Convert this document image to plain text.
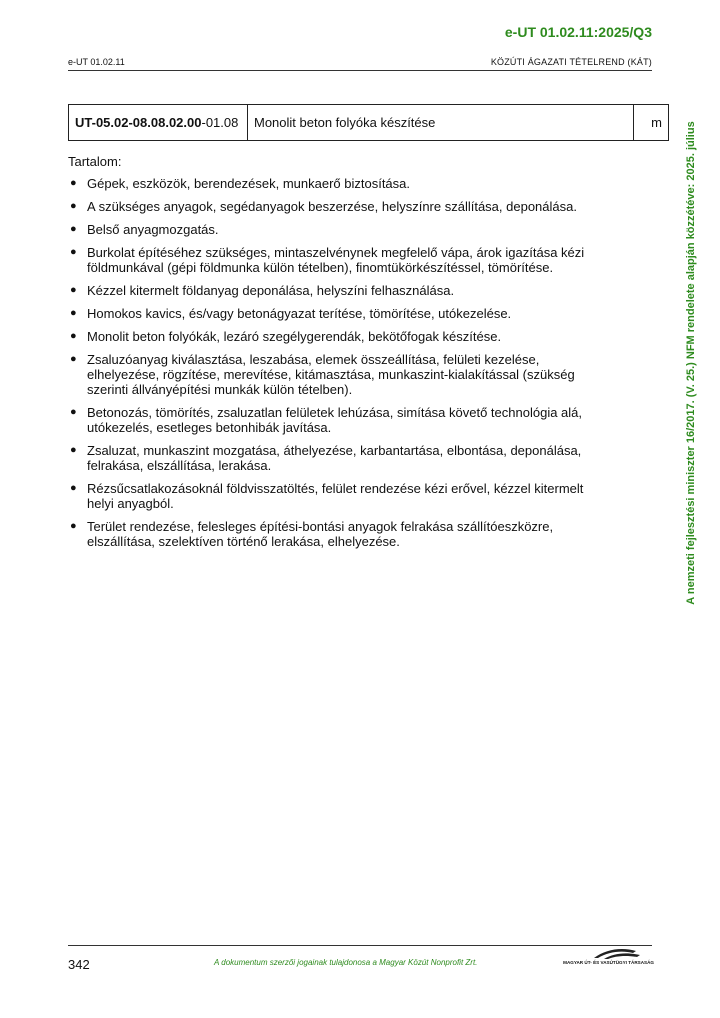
e-UT 01.02.11:2025/Q3
e-UT 01.02.11	KÖZÚTI ÁGAZATI TÉTELREND (KÁT)
UT-05.02-08.08.02.00-01.08	Monolit beton folyóka készítése	m
Tartalom:
● Gépek, eszközök, berendezések, munkaerő biztosítása.
● A szükséges anyagok, segédanyagok beszerzése, helyszínre szállítása, deponálása.
● Belső anyagmozgatás.
● Burkolat építéséhez szükséges, mintaszelvénynek megfelelő vápa, árok igazítása kézi földmunkával (gépi földmunka külön tételben), finomtükörkészítéssel, tömörítése.
● Kézzel kitermelt földanyag deponálása, helyszíni felhasználása.
● Homokos kavics, és/vagy betonágyazat terítése, tömörítése, utókezelése.
● Monolit beton folyókák, lezáró szegélygerendák, bekötőfogak készítése.
● Zsaluzóanyag kiválasztása, leszabása, elemek összeállítása, felületi kezelése, elhelyezése, rögzítése, merevítése, kitámasztása, munkaszint-kialakítással (szükség szerinti állványépítési munkák külön tételben).
● Betonozás, tömörítés, zsaluzatlan felületek lehúzása, simítása követő technológia alá, utókezelés, esetleges betonhibák javítása.
● Zsaluzat, munkaszint mozgatása, áthelyezése, karbantartása, elbontása, deponálása, felrakása, elszállítása, lerakása.
● Rézsűcsatlakozásoknál földvisszatöltés, felület rendezése kézi erővel, kézzel kitermelt helyi anyagból.
● Terület rendezése, felesleges építési-bontási anyagok felrakása szállítóeszközre, elszállítása, szelektíven történő lerakása, elhelyezése.	A nemzeti fejlesztési miniszter 16/2017. (V. 25.) NFM rendelete alapján közzétéve: 2025. július
342	A dokumentum szerzői jogainak tulajdonosa a Magyar Közút Nonprofit Zrt.	MAGYAR ÚT- ÉS VASÚTÜGYI TÁRSASÁG
